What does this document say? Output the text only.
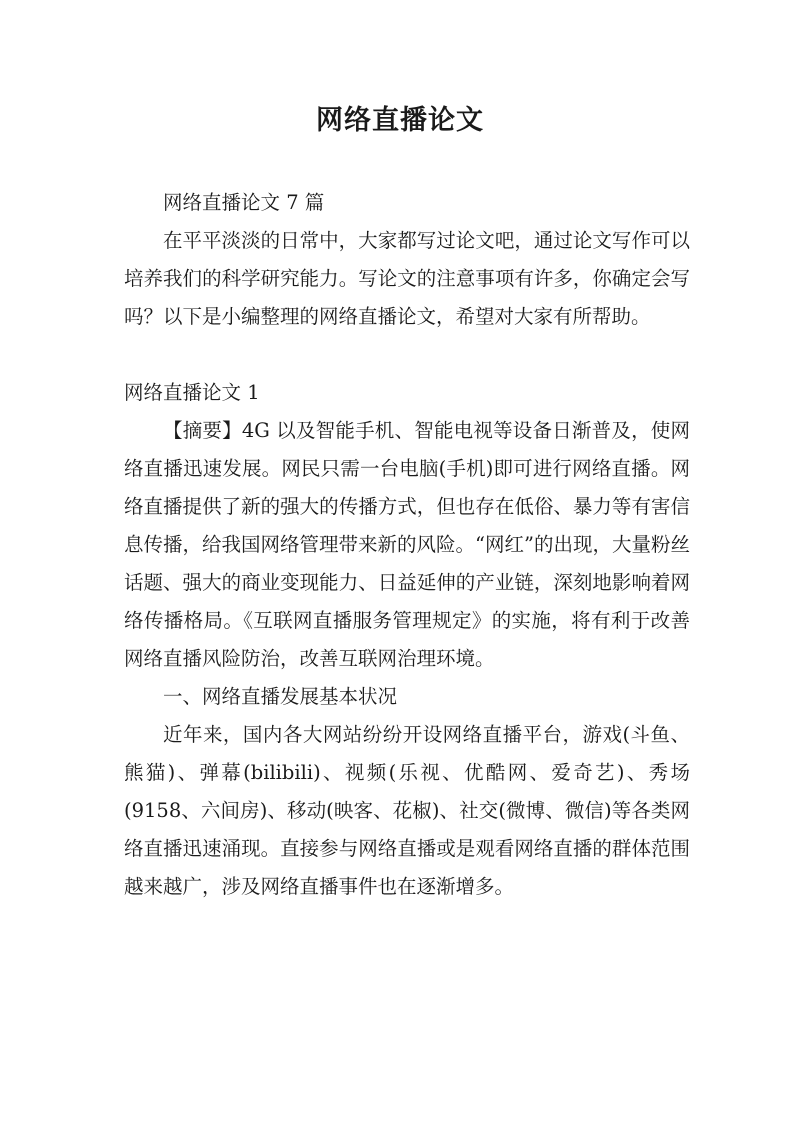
网络直播论文

网络直播论文 7 篇

在平平淡淡的日常中，大家都写过论文吧，通过论文写作可以培养我们的科学研究能力。写论文的注意事项有许多，你确定会写吗？以下是小编整理的网络直播论文，希望对大家有所帮助。

网络直播论文 1

【摘要】4G 以及智能手机、智能电视等设备日渐普及，使网络直播迅速发展。网民只需一台电脑(手机)即可进行网络直播。网络直播提供了新的强大的传播方式，但也存在低俗、暴力等有害信息传播，给我国网络管理带来新的风险。“网红”的出现，大量粉丝话题、强大的商业变现能力、日益延伸的产业链，深刻地影响着网络传播格局。《互联网直播服务管理规定》的实施，将有利于改善网络直播风险防治，改善互联网治理环境。

一、网络直播发展基本状况

近年来，国内各大网站纷纷开设网络直播平台，游戏(斗鱼、熊猫)、弹幕(bilibili)、视频(乐视、优酷网、爱奇艺)、秀场(9158、六间房)、移动(映客、花椒)、社交(微博、微信)等各类网络直播迅速涌现。直接参与网络直播或是观看网络直播的群体范围越来越广，涉及网络直播事件也在逐渐增多。
